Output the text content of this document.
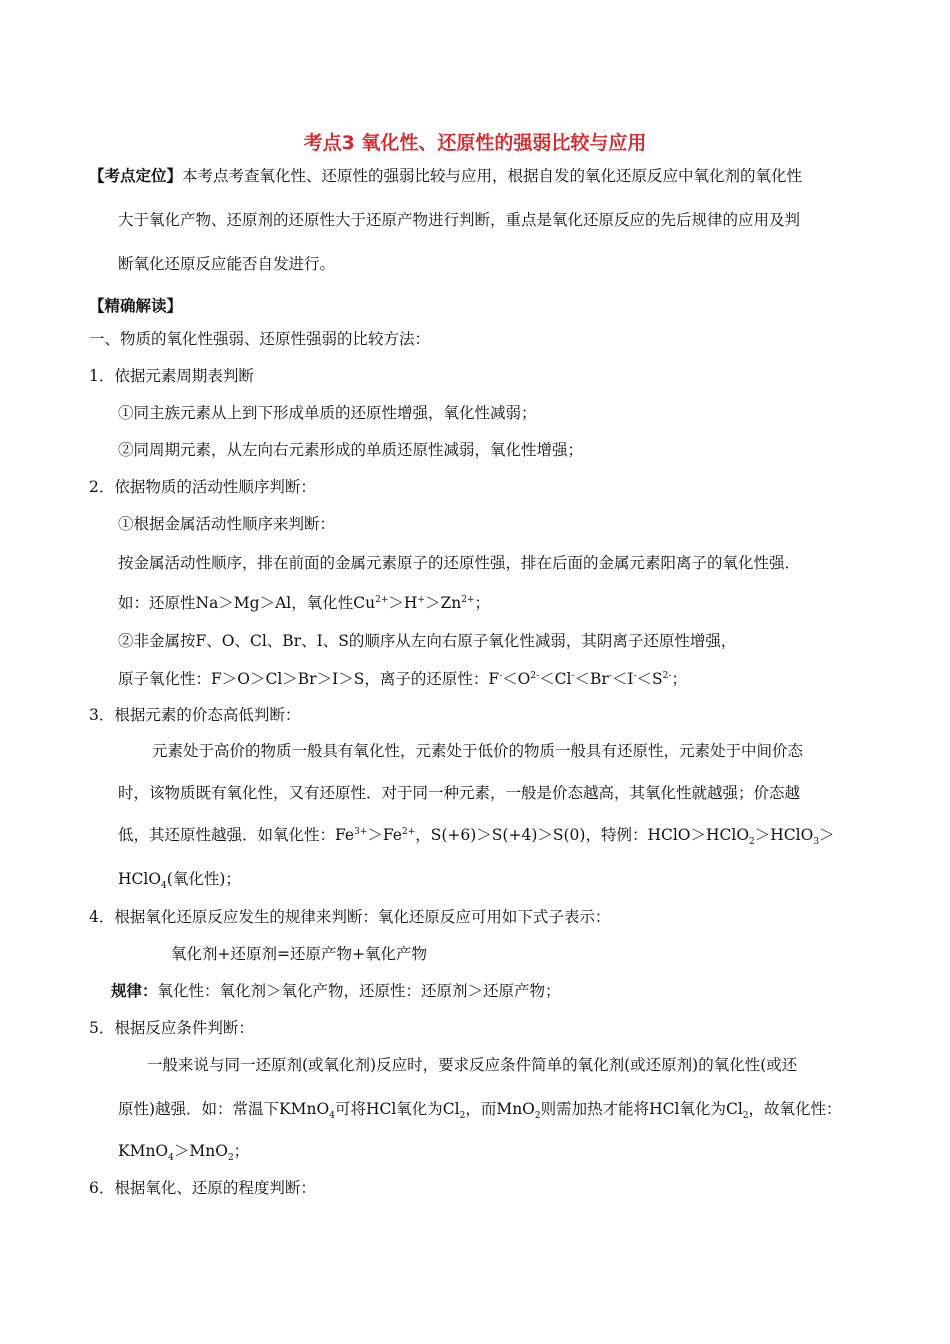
考点3 氧化性、还原性的强弱比较与应用
【考点定位】本考点考查氧化性、还原性的强弱比较与应用，根据自发的氧化还原反应中氧化剂的氧化性
大于氧化产物、还原剂的还原性大于还原产物进行判断，重点是氧化还原反应的先后规律的应用及判
断氧化还原反应能否自发进行。
【精确解读】
一、物质的氧化性强弱、还原性强弱的比较方法：
1．依据元素周期表判断
①同主族元素从上到下形成单质的还原性增强，氧化性减弱；
②同周期元素，从左向右元素形成的单质还原性减弱，氧化性增强；
2．依据物质的活动性顺序判断：
①根据金属活动性顺序来判断：
按金属活动性顺序，排在前面的金属元素原子的还原性强，排在后面的金属元素阳离子的氧化性强．
如：还原性Na＞Mg＞Al，氧化性$Cu^{2+}>H^+>Zn^{2+}$；
②非金属按F、O、Cl、Br、I、S的顺序从左向右原子氧化性减弱，其阴离子还原性增强，
原子氧化性：F＞O＞Cl＞Br＞I＞S，离子的还原性：$F^-<O^{2-}<Cl^-<Br^-<I^-<S^{2-}$；
3．根据元素的价态高低判断：
元素处于高价的物质一般具有氧化性，元素处于低价的物质一般具有还原性，元素处于中间价态
时，该物质既有氧化性，又有还原性．对于同一种元素，一般是价态越高，其氧化性就越强；价态越
低，其还原性越强．如氧化性：$Fe^{3+}>Fe^{2+}$，S(+6)＞S(+4)＞S(0)，特例：HClO＞HClO$_2$＞HClO$_3$＞
HClO$_4$(氧化性)；
4．根据氧化还原反应发生的规律来判断：氧化还原反应可用如下式子表示：
氧化剂+还原剂=还原产物+氧化产物
规律：氧化性：氧化剂＞氧化产物，还原性：还原剂＞还原产物；
5．根据反应条件判断：
一般来说与同一还原剂(或氧化剂)反应时，要求反应条件简单的氧化剂(或还原剂)的氧化性(或还
原性)越强．如：常温下KMnO$_4$可将HCl氧化为$Cl_2$，而MnO$_2$则需加热才能将HCl氧化为$Cl_2$，故氧化性：
KMnO$_4$＞MnO$_2$；
6．根据氧化、还原的程度判断：
